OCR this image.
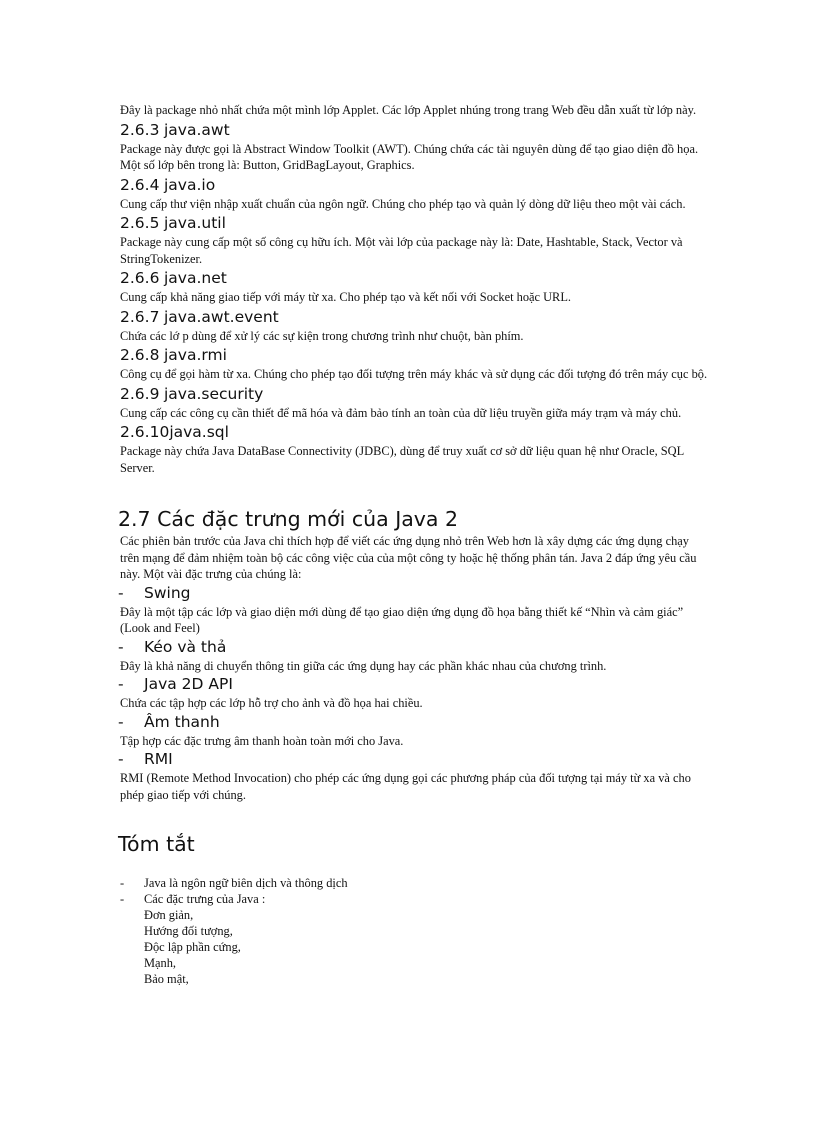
Đây là package nhỏ nhất chứa một mình lớp Applet. Các lớp Applet nhúng trong trang Web đều dẫn xuất từ lớp này.

2.6.3 java.awt

Package này được gọi là Abstract Window Toolkit (AWT). Chúng chứa các tài nguyên dùng để tạo giao diện đồ họa. Một số lớp bên trong là: Button, GridBagLayout, Graphics.

2.6.4 java.io

Cung cấp thư viện nhập xuất chuẩn của ngôn ngữ. Chúng cho phép tạo và quản lý dòng dữ liệu theo một vài cách.

2.6.5 java.util

Package này cung cấp một số công cụ hữu ích. Một vài lớp của package này là: Date, Hashtable, Stack, Vector và StringTokenizer.

2.6.6 java.net

Cung cấp khả năng giao tiếp với máy từ xa. Cho phép tạo và kết nối với Socket hoặc URL.

2.6.7 java.awt.event

Chứa các lớ p dùng để xử lý các sự kiện trong chương trình như chuột, bàn phím.

2.6.8 java.rmi

Công cụ để gọi hàm từ xa. Chúng cho phép tạo đối tượng trên máy khác và sử dụng các đối tượng đó trên máy cục bộ.

2.6.9 java.security

Cung cấp các công cụ cần thiết để mã hóa và đảm bảo tính an toàn của dữ liệu truyền giữa máy trạm và máy chủ.

2.6.10java.sql

Package này chứa Java DataBase Connectivity (JDBC), dùng để truy xuất cơ sở dữ liệu quan hệ như Oracle, SQL Server.

2.7 Các đặc trưng mới của Java 2

Các phiên bản trước của Java chỉ thích hợp để viết các ứng dụng nhỏ trên Web hơn là xây dựng các ứng dụng chạy trên mạng để đảm nhiệm toàn bộ các công việc của của một công ty hoặc hệ thống phân tán. Java 2 đáp ứng yêu cầu này. Một vài đặc trưng của chúng là:

- Swing

Đây là một tập các lớp và giao diện mới dùng để tạo giao diện ứng dụng đồ họa bằng thiết kế “Nhìn và cảm giác” (Look and Feel)

- Kéo và thả

Đây là khả năng di chuyển thông tin giữa các ứng dụng hay các phần khác nhau của chương trình.

- Java 2D API

Chứa các tập hợp các lớp hỗ trợ cho ảnh và đồ họa hai chiều.

- Âm thanh

Tập hợp các đặc trưng âm thanh hoàn toàn mới cho Java.

- RMI

RMI (Remote Method Invocation) cho phép các ứng dụng gọi các phương pháp của đối tượng tại máy từ xa và cho phép giao tiếp với chúng.

Tóm tắt
-	Java là ngôn ngữ biên dịch và thông dịch
-	Các đặc trưng của Java :

Đơn giản,

Hướng đối tượng,

Độc lập phần cứng,

Mạnh,

Bảo mật,
